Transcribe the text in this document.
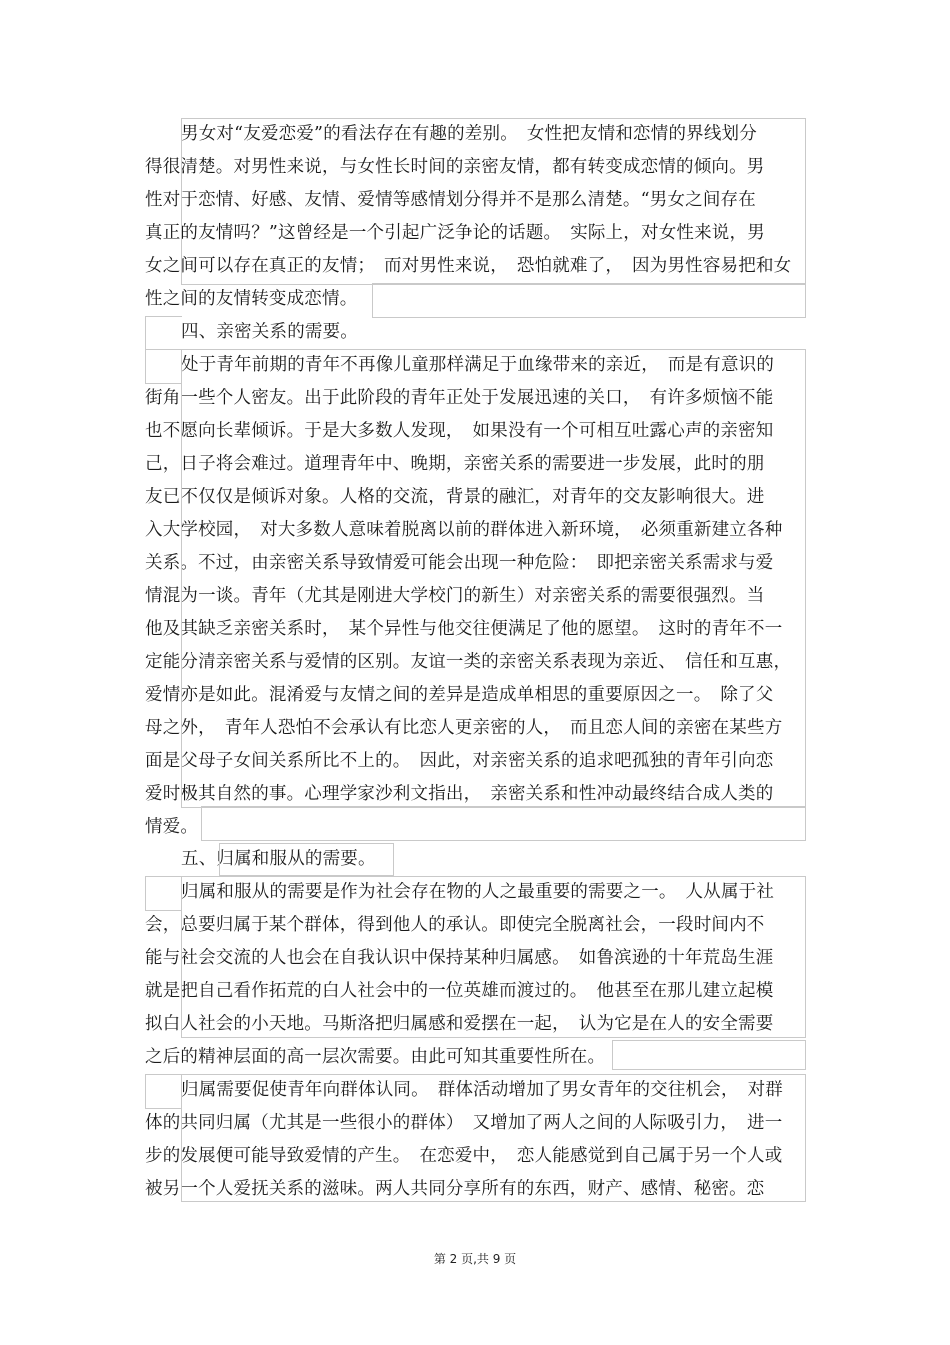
男女对“友爱恋爱”的看法存在有趣的差别。　女性把友情和恋情的界线划分
得很清楚。对男性来说，与女性长时间的亲密友情，都有转变成恋情的倾向。男
性对于恋情、好感、友情、爱情等感情划分得并不是那么清楚。“男女之间存在
真正的友情吗？”这曾经是一个引起广泛争论的话题。　实际上，对女性来说，男
女之间可以存在真正的友情；　而对男性来说，　恐怕就难了，　因为男性容易把和女
性之间的友情转变成恋情。
四、亲密关系的需要。
处于青年前期的青年不再像儿童那样满足于血缘带来的亲近，　而是有意识的
街角一些个人密友。出于此阶段的青年正处于发展迅速的关口，　有许多烦恼不能
也不愿向长辈倾诉。于是大多数人发现，　如果没有一个可相互吐露心声的亲密知
己，日子将会难过。道理青年中、晚期，亲密关系的需要进一步发展，此时的朋
友已不仅仅是倾诉对象。人格的交流，背景的融汇，对青年的交友影响很大。进
入大学校园，　对大多数人意味着脱离以前的群体进入新环境，　必须重新建立各种
关系。不过，由亲密关系导致情爱可能会出现一种危险：　即把亲密关系需求与爱
情混为一谈。青年（尤其是刚进大学校门的新生）对亲密关系的需要很强烈。当
他及其缺乏亲密关系时，　某个异性与他交往便满足了他的愿望。　这时的青年不一
定能分清亲密关系与爱情的区别。友谊一类的亲密关系表现为亲近、　信任和互惠，
爱情亦是如此。混淆爱与友情之间的差异是造成单相思的重要原因之一。　除了父
母之外，　青年人恐怕不会承认有比恋人更亲密的人，　而且恋人间的亲密在某些方
面是父母子女间关系所比不上的。　因此，对亲密关系的追求吧孤独的青年引向恋
爱时极其自然的事。心理学家沙利文指出，　亲密关系和性冲动最终结合成人类的
情爱。
五、归属和服从的需要。
归属和服从的需要是作为社会存在物的人之最重要的需要之一。　人从属于社
会，总要归属于某个群体，得到他人的承认。即使完全脱离社会，一段时间内不
能与社会交流的人也会在自我认识中保持某种归属感。　如鲁滨逊的十年荒岛生涯
就是把自己看作拓荒的白人社会中的一位英雄而渡过的。　他甚至在那儿建立起模
拟白人社会的小天地。马斯洛把归属感和爱摆在一起，　认为它是在人的安全需要
之后的精神层面的高一层次需要。由此可知其重要性所在。
归属需要促使青年向群体认同。　群体活动增加了男女青年的交往机会，　对群
体的共同归属（尤其是一些很小的群体）　又增加了两人之间的人际吸引力，　进一
步的发展便可能导致爱情的产生。　在恋爱中，　恋人能感觉到自己属于另一个人或
被另一个人爱抚关系的滋味。两人共同分享所有的东西，财产、感情、秘密。恋
第 2 页,共 9 页
